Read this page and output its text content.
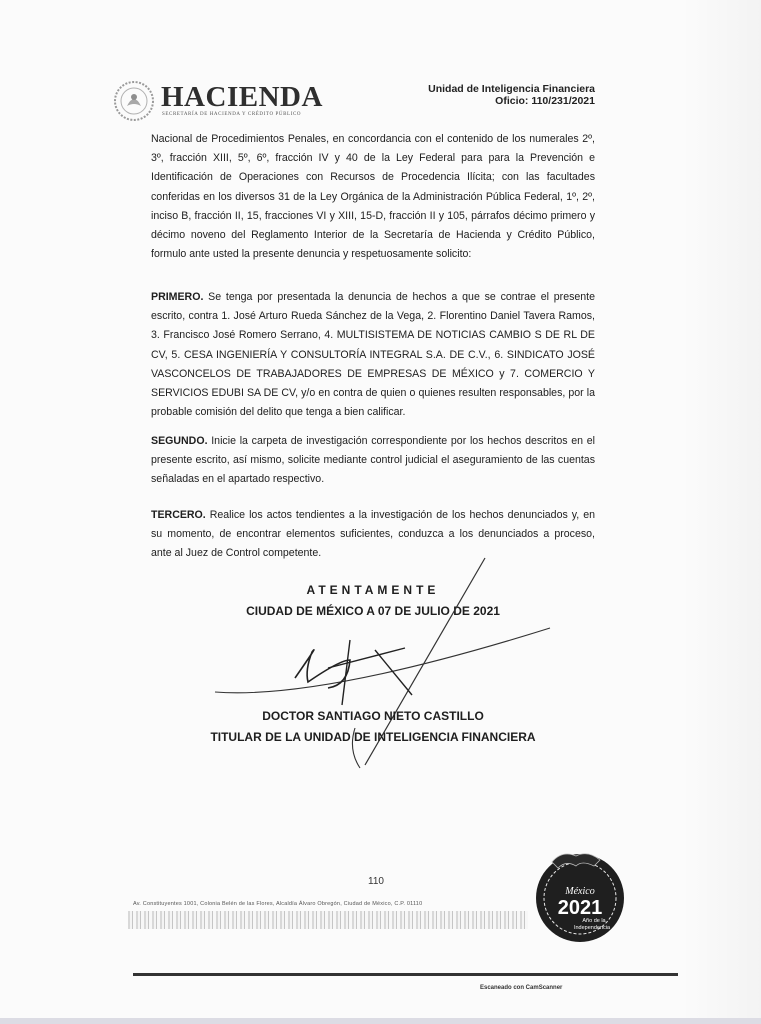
HACIENDA
SECRETARÍA DE HACIENDA Y CRÉDITO PÚBLICO
Unidad de Inteligencia Financiera
Oficio: 110/231/2021
Nacional de Procedimientos Penales, en concordancia con el contenido de los numerales 2º, 3º, fracción XIII, 5º, 6º, fracción IV y 40 de la Ley Federal para para la Prevención e Identificación de Operaciones con Recursos de Procedencia Ilícita; con las facultades conferidas en los diversos 31 de la Ley Orgánica de la Administración Pública Federal, 1º, 2º, inciso B, fracción II, 15, fracciones VI y XIII, 15-D, fracción II y 105, párrafos décimo primero y décimo noveno del Reglamento Interior de la Secretaría de Hacienda y Crédito Público, formulo ante usted la presente denuncia y respetuosamente solicito:
PRIMERO. Se tenga por presentada la denuncia de hechos a que se contrae el presente escrito, contra 1. José Arturo Rueda Sánchez de la Vega, 2. Florentino Daniel Tavera Ramos, 3. Francisco José Romero Serrano, 4. MULTISISTEMA DE NOTICIAS CAMBIO S DE RL DE CV, 5. CESA INGENIERÍA Y CONSULTORÍA INTEGRAL S.A. DE C.V., 6. SINDICATO JOSÉ VASCONCELOS DE TRABAJADORES DE EMPRESAS DE MÉXICO y 7. COMERCIO Y SERVICIOS EDUBI SA DE CV, y/o en contra de quien o quienes resulten responsables, por la probable comisión del delito que tenga a bien calificar.
SEGUNDO. Inicie la carpeta de investigación correspondiente por los hechos descritos en el presente escrito, así mismo, solicite mediante control judicial el aseguramiento de las cuentas señaladas en el apartado respectivo.
TERCERO. Realice los actos tendientes a la investigación de los hechos denunciados y, en su momento, de encontrar elementos suficientes, conduzca a los denunciados a proceso, ante al Juez de Control competente.
ATENTAMENTE
CIUDAD DE MÉXICO A 07 DE JULIO DE 2021
DOCTOR SANTIAGO NIETO CASTILLO
TITULAR DE LA UNIDAD DE INTELIGENCIA FINANCIERA
110
Av. Constituyentes 1001, Colonia Belén de las Flores, Alcaldía Álvaro Obregón, Ciudad de México, C.P. 01110
México
2021
Año de la
Independencia
Escaneado con CamScanner
